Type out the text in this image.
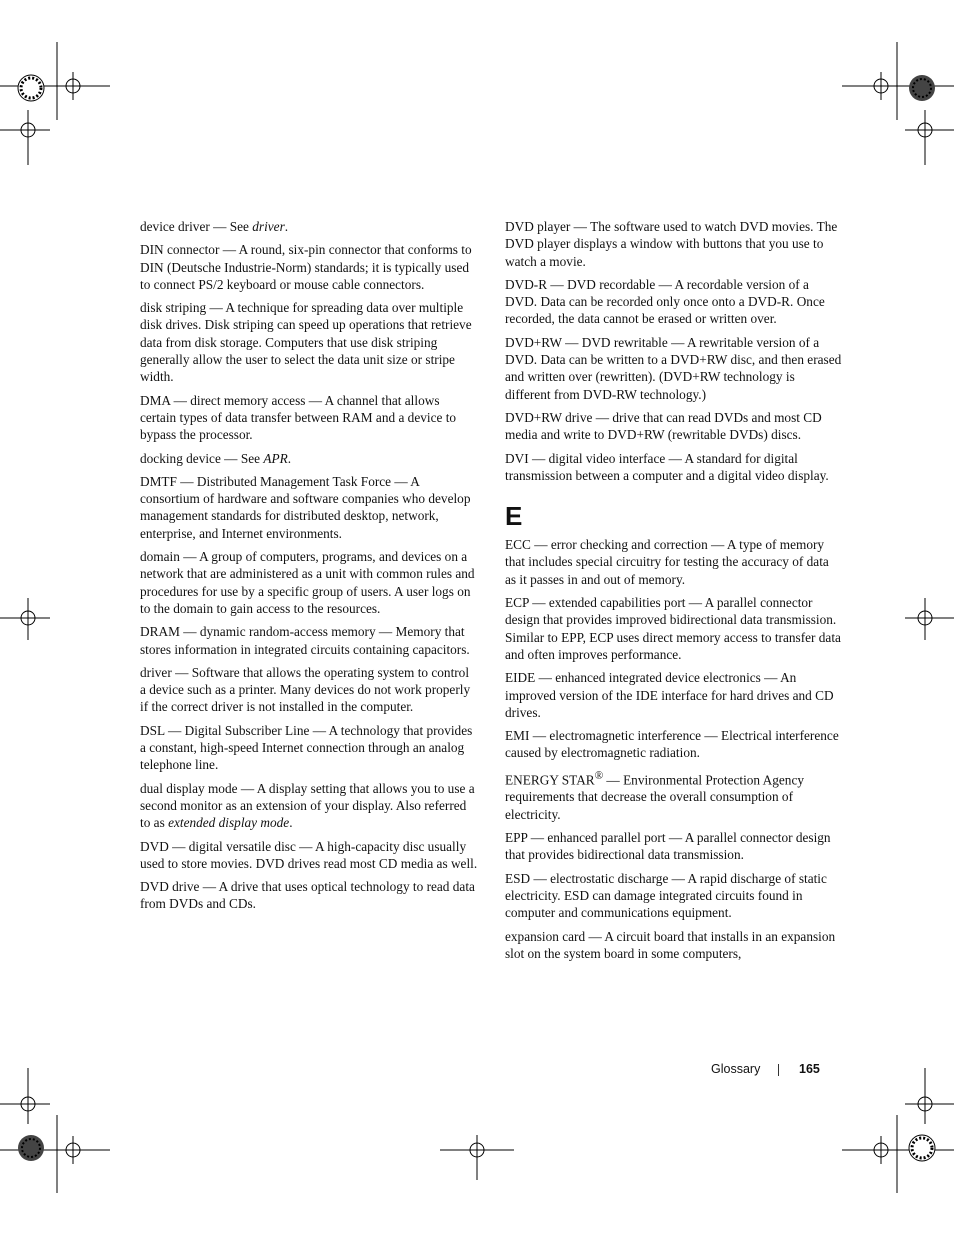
device driver — See driver.
DIN connector — A round, six-pin connector that conforms to DIN (Deutsche Industrie-Norm) standards; it is typically used to connect PS/2 keyboard or mouse cable connectors.
disk striping — A technique for spreading data over multiple disk drives. Disk striping can speed up operations that retrieve data from disk storage. Computers that use disk striping generally allow the user to select the data unit size or stripe width.
DMA — direct memory access — A channel that allows certain types of data transfer between RAM and a device to bypass the processor.
docking device — See APR.
DMTF — Distributed Management Task Force — A consortium of hardware and software companies who develop management standards for distributed desktop, network, enterprise, and Internet environments.
domain — A group of computers, programs, and devices on a network that are administered as a unit with common rules and procedures for use by a specific group of users. A user logs on to the domain to gain access to the resources.
DRAM — dynamic random-access memory — Memory that stores information in integrated circuits containing capacitors.
driver — Software that allows the operating system to control a device such as a printer. Many devices do not work properly if the correct driver is not installed in the computer.
DSL — Digital Subscriber Line — A technology that provides a constant, high-speed Internet connection through an analog telephone line.
dual display mode — A display setting that allows you to use a second monitor as an extension of your display. Also referred to as extended display mode.
DVD — digital versatile disc — A high-capacity disc usually used to store movies. DVD drives read most CD media as well.
DVD drive — A drive that uses optical technology to read data from DVDs and CDs.
DVD player — The software used to watch DVD movies. The DVD player displays a window with buttons that you use to watch a movie.
DVD-R — DVD recordable — A recordable version of a DVD. Data can be recorded only once onto a DVD-R. Once recorded, the data cannot be erased or written over.
DVD+RW — DVD rewritable — A rewritable version of a DVD. Data can be written to a DVD+RW disc, and then erased and written over (rewritten). (DVD+RW technology is different from DVD-RW technology.)
DVD+RW drive — drive that can read DVDs and most CD media and write to DVD+RW (rewritable DVDs) discs.
DVI — digital video interface — A standard for digital transmission between a computer and a digital video display.
E
ECC — error checking and correction — A type of memory that includes special circuitry for testing the accuracy of data as it passes in and out of memory.
ECP — extended capabilities port — A parallel connector design that provides improved bidirectional data transmission. Similar to EPP, ECP uses direct memory access to transfer data and often improves performance.
EIDE — enhanced integrated device electronics — An improved version of the IDE interface for hard drives and CD drives.
EMI — electromagnetic interference — Electrical interference caused by electromagnetic radiation.
ENERGY STAR® — Environmental Protection Agency requirements that decrease the overall consumption of electricity.
EPP — enhanced parallel port — A parallel connector design that provides bidirectional data transmission.
ESD — electrostatic discharge — A rapid discharge of static electricity. ESD can damage integrated circuits found in computer and communications equipment.
expansion card — A circuit board that installs in an expansion slot on the system board in some computers,
Glossary	165
